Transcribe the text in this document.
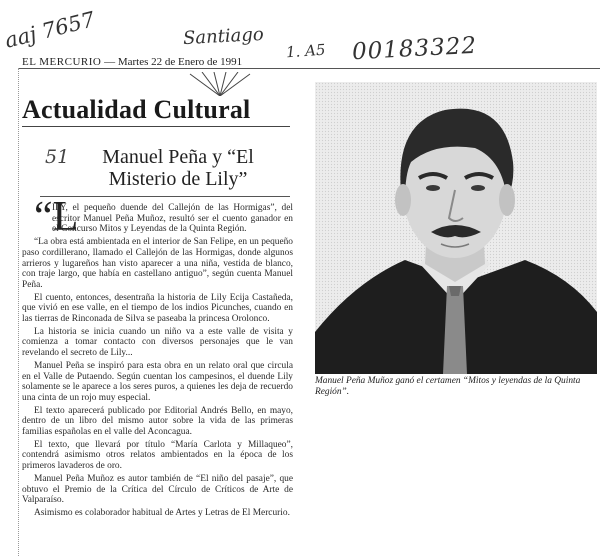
aaj 7657	Santiago
1. A5 00183322
EL MERCURIO — Martes 22 de Enero de 1991
Actualidad Cultural
51	Manuel Peña y “El
Misterio de Lily”
“L

ILY, el pequeño duende del Callejón de las Hormigas”, del escritor Manuel Peña Muñoz, resultó ser el cuento ganador en el Concurso Mitos y Leyendas de la Quinta Región.

“La obra está ambientada en el interior de San Felipe, en un pequeño paso cordillerano, llamado el Callejón de las Hormigas, donde algunos arrieros y lugareños han visto aparecer a una niña, vestida de blanco, con traje largo, que había en castellano antiguo”, según cuenta Manuel Peña.

El cuento, entonces, desentraña la historia de Lily Ecija Castañeda, que vivió en ese valle, en el tiempo de los indios Picunches, cuando en las tierras de Rinconada de Silva se paseaba la princesa Orolonco.

La historia se inicia cuando un niño va a este valle de visita y comienza a tomar contacto con diversos personajes que le van revelando el secreto de Lily...

Manuel Peña se inspiró para esta obra en un relato oral que circula en el Valle de Putaendo. Según cuentan los campesinos, el duende Lily solamente se le aparece a los seres puros, a quienes les deja de recuerdo una cinta de un rojo muy especial.

El texto aparecerá publicado por Editorial Andrés Bello, en mayo, dentro de un libro del mismo autor sobre la vida de las primeras familias españolas en el valle del Aconcagua.

El texto, que llevará por título “María Carlota y Millaqueo”, contendrá asimismo otros relatos ambientados en la época de los primeros lavaderos de oro.

Manuel Peña Muñoz es autor también de “El niño del pasaje”, que obtuvo el Premio de la Crítica del Círculo de Críticos de Arte de Valparaíso.

Asimismo es colaborador habitual de Artes y Letras de El Mercurio.

Manuel Peña Muñoz ganó el certamen “Mitos y leyendas de la Quinta Región”.
